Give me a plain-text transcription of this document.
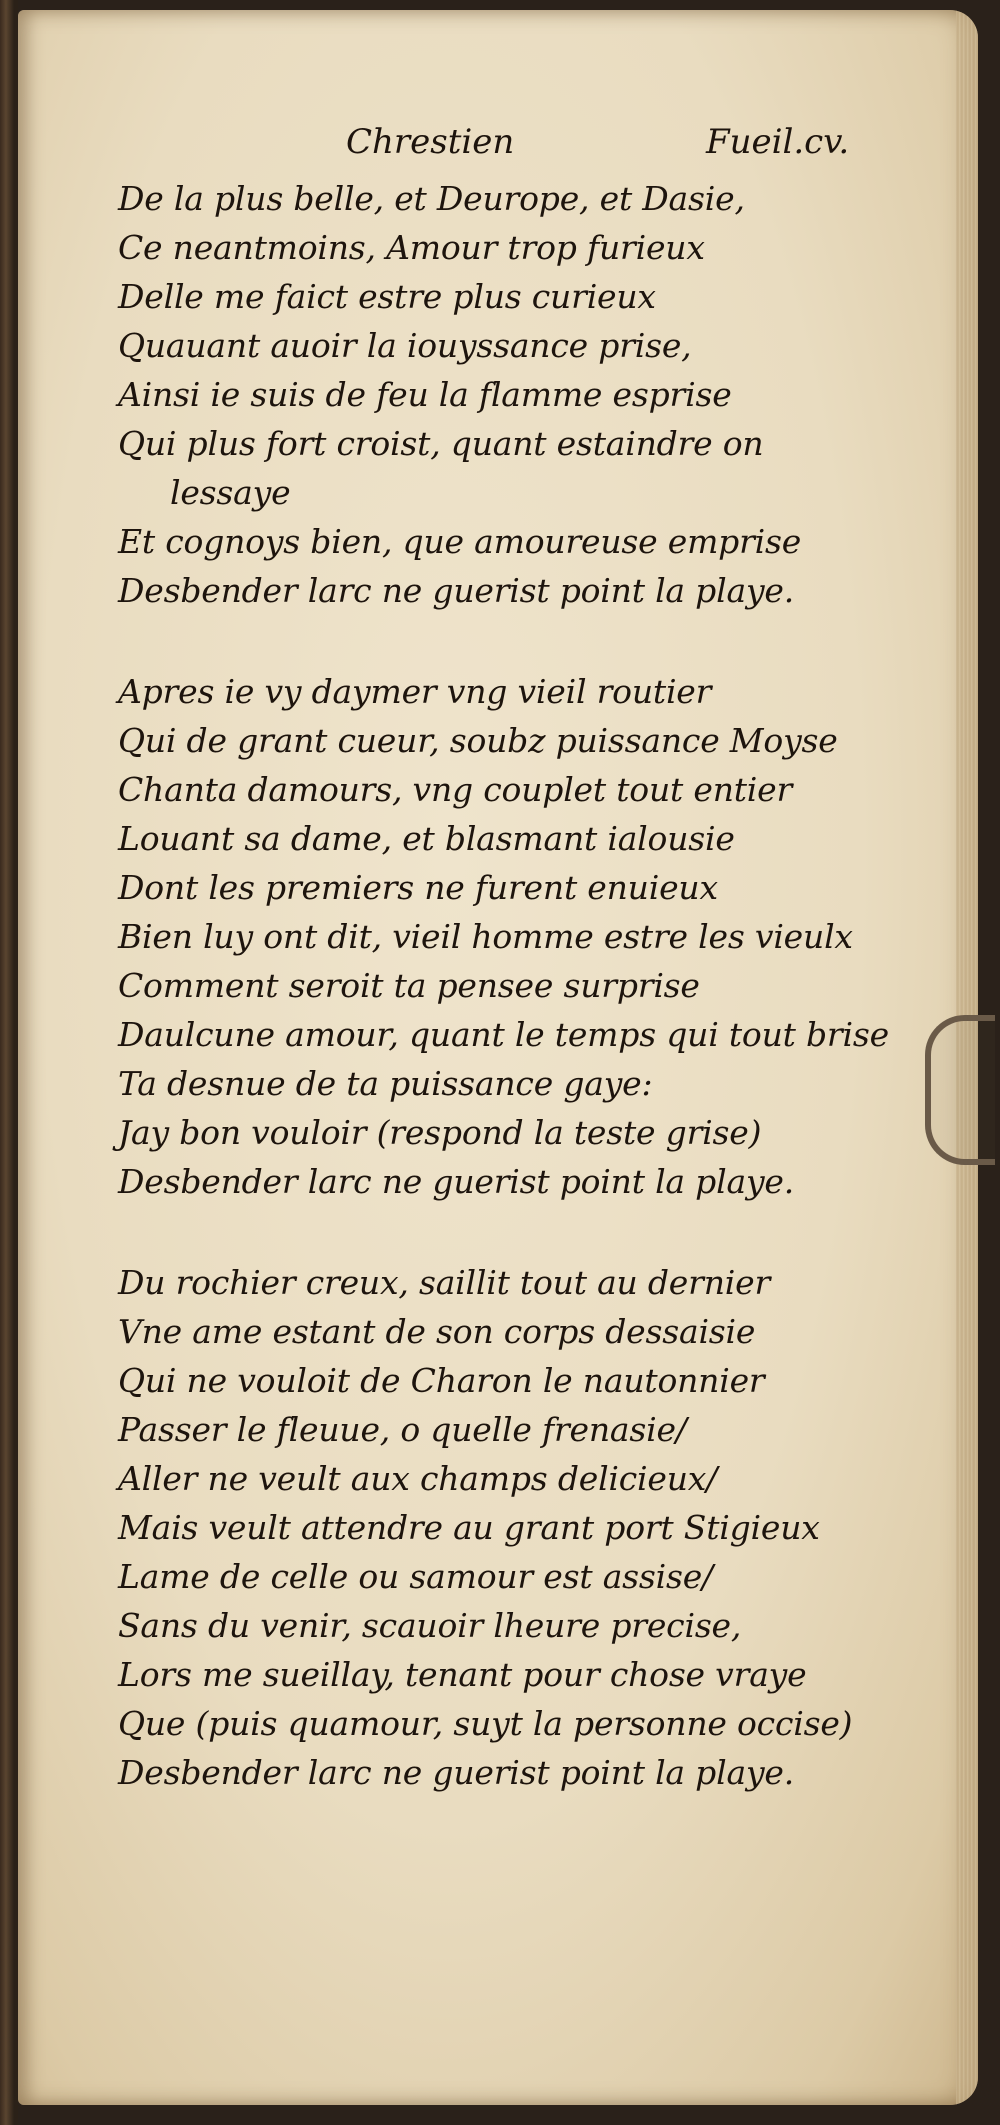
Chrestien	Fueil.cv.
De la plus belle, et Deurope, et Dasie,
Ce neantmoins, Amour trop furieux
Delle me faict estre plus curieux
Quauant auoir la iouyssance prise,
Ainsi ie suis de feu la flamme esprise
Qui plus fort croist, quant estaindre on
lessaye
Et cognoys bien, que amoureuse emprise
Desbender larc ne guerist point la playe.
Apres ie vy daymer vng vieil routier
Qui de grant cueur, soubz puissance Moyse
Chanta damours, vng couplet tout entier
Louant sa dame, et blasmant ialousie
Dont les premiers ne furent enuieux
Bien luy ont dit, vieil homme estre les vieulx
Comment seroit ta pensee surprise
Daulcune amour, quant le temps qui tout brise
Ta desnue de ta puissance gaye:
Jay bon vouloir (respond la teste grise)
Desbender larc ne guerist point la playe.
Du rochier creux, saillit tout au dernier
Vne ame estant de son corps dessaisie
Qui ne vouloit de Charon le nautonnier
Passer le fleuue, o quelle frenasie/
Aller ne veult aux champs delicieux/
Mais veult attendre au grant port Stigieux
Lame de celle ou samour est assise/
Sans du venir, scauoir lheure precise,
Lors me sueillay, tenant pour chose vraye
Que (puis quamour, suyt la personne occise)
Desbender larc ne guerist point la playe.
